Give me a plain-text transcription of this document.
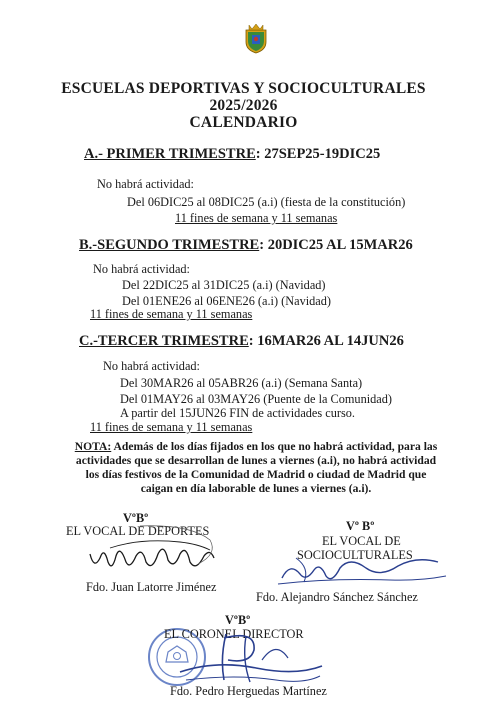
ESCUELAS DEPORTIVAS Y SOCIOCULTURALES
2025/2026
CALENDARIO
A.- PRIMER TRIMESTRE: 27SEP25-19DIC25
No habrá actividad:
Del 06DIC25 al 08DIC25 (a.i) (fiesta de la constitución)
11 fines de semana y 11 semanas
B.-SEGUNDO TRIMESTRE: 20DIC25 AL 15MAR26
No habrá actividad:
Del 22DIC25 al 31DIC25 (a.i) (Navidad)
Del 01ENE26 al 06ENE26 (a.i) (Navidad)
11 fines de semana y 11 semanas
C.-TERCER TRIMESTRE: 16MAR26 AL 14JUN26
No habrá actividad:
Del 30MAR26 al 05ABR26 (a.i) (Semana Santa)
Del 01MAY26 al 03MAY26 (Puente de la Comunidad)
A partir del 15JUN26 FIN de actividades curso.
11 fines de semana y 11 semanas
NOTA: Además de los días fijados en los que no habrá actividad, para las actividades que se desarrollan de lunes a viernes (a.i), no habrá actividad los días festivos de la Comunidad de Madrid o ciudad de Madrid que caigan en día laborable de lunes a viernes (a.i).
VºBº
EL VOCAL DE DEPORTES
Fdo. Juan Latorre Jiménez
Vº Bº
EL VOCAL DE
SOCIOCULTURALES
Fdo. Alejandro Sánchez Sánchez
VºBº
EL CORONEL DIRECTOR
Fdo. Pedro Herguedas Martínez
